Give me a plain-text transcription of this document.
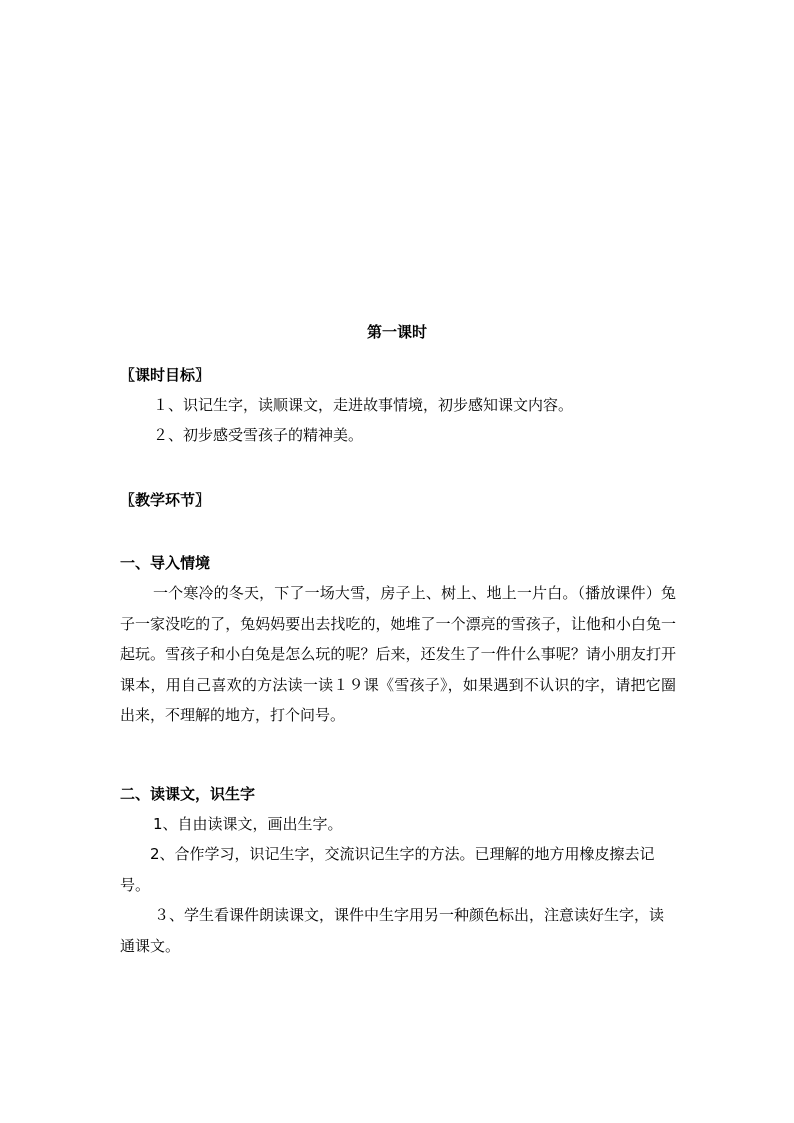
第一课时
〖课时目标〗
１、识记生字，读顺课文，走进故事情境，初步感知课文内容。
２、初步感受雪孩子的精神美。
〖教学环节〗
一、导入情境
一个寒冷的冬天，下了一场大雪，房子上、树上、地上一片白。（播放课件）兔子一家没吃的了，兔妈妈要出去找吃的，她堆了一个漂亮的雪孩子，让他和小白兔一起玩。雪孩子和小白兔是怎么玩的呢？后来，还发生了一件什么事呢？请小朋友打开课本，用自己喜欢的方法读一读１９课《雪孩子》，如果遇到不认识的字，请把它圈出来，不理解的地方，打个问号。
二、读课文，识生字
1、自由读课文，画出生字。
2、合作学习，识记生字，交流识记生字的方法。已理解的地方用橡皮擦去记号。
３、学生看课件朗读课文，课件中生字用另一种颜色标出，注意读好生字，读通课文。
